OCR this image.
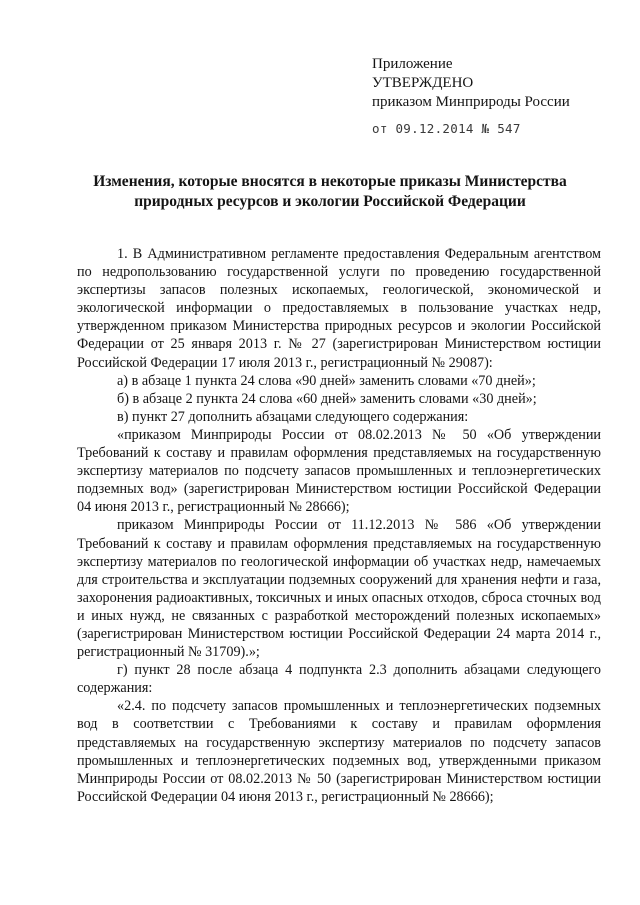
Приложение
УТВЕРЖДЕНО
приказом Минприроды России
от 09.12.2014 № 547
Изменения, которые вносятся в некоторые приказы Министерства
природных ресурсов и экологии Российской Федерации

1. В Административном регламенте предоставления Федеральным агентством по недропользованию государственной услуги по проведению государственной экспертизы запасов полезных ископаемых, геологической, экономической и экологической информации о предоставляемых в пользование участках недр, утвержденном приказом Министерства природных ресурсов и экологии Российской Федерации от 25 января 2013 г. № 27 (зарегистрирован Министерством юстиции Российской Федерации 17 июля 2013 г., регистрационный № 29087):

а) в абзаце 1 пункта 24 слова «90 дней» заменить словами «70 дней»;

б) в абзаце 2 пункта 24 слова «60 дней» заменить словами «30 дней»;

в) пункт 27 дополнить абзацами следующего содержания:

«приказом Минприроды России от 08.02.2013 № 50 «Об утверждении Требований к составу и правилам оформления представляемых на государственную экспертизу материалов по подсчету запасов промышленных и теплоэнергетических подземных вод» (зарегистрирован Министерством юстиции Российской Федерации 04 июня 2013 г., регистрационный № 28666);

приказом Минприроды России от 11.12.2013 № 586 «Об утверждении Требований к составу и правилам оформления представляемых на государственную экспертизу материалов по геологической информации об участках недр, намечаемых для строительства и эксплуатации подземных сооружений для хранения нефти и газа, захоронения радиоактивных, токсичных и иных опасных отходов, сброса сточных вод и иных нужд, не связанных с разработкой месторождений полезных ископаемых» (зарегистрирован Министерством юстиции Российской Федерации 24 марта 2014 г., регистрационный № 31709).»;

г) пункт 28 после абзаца 4 подпункта 2.3 дополнить абзацами следующего содержания:

«2.4. по подсчету запасов промышленных и теплоэнергетических подземных вод в соответствии с Требованиями к составу и правилам оформления представляемых на государственную экспертизу материалов по подсчету запасов промышленных и теплоэнергетических подземных вод, утвержденными приказом Минприроды России от 08.02.2013 № 50 (зарегистрирован Министерством юстиции Российской Федерации 04 июня 2013 г., регистрационный № 28666);
